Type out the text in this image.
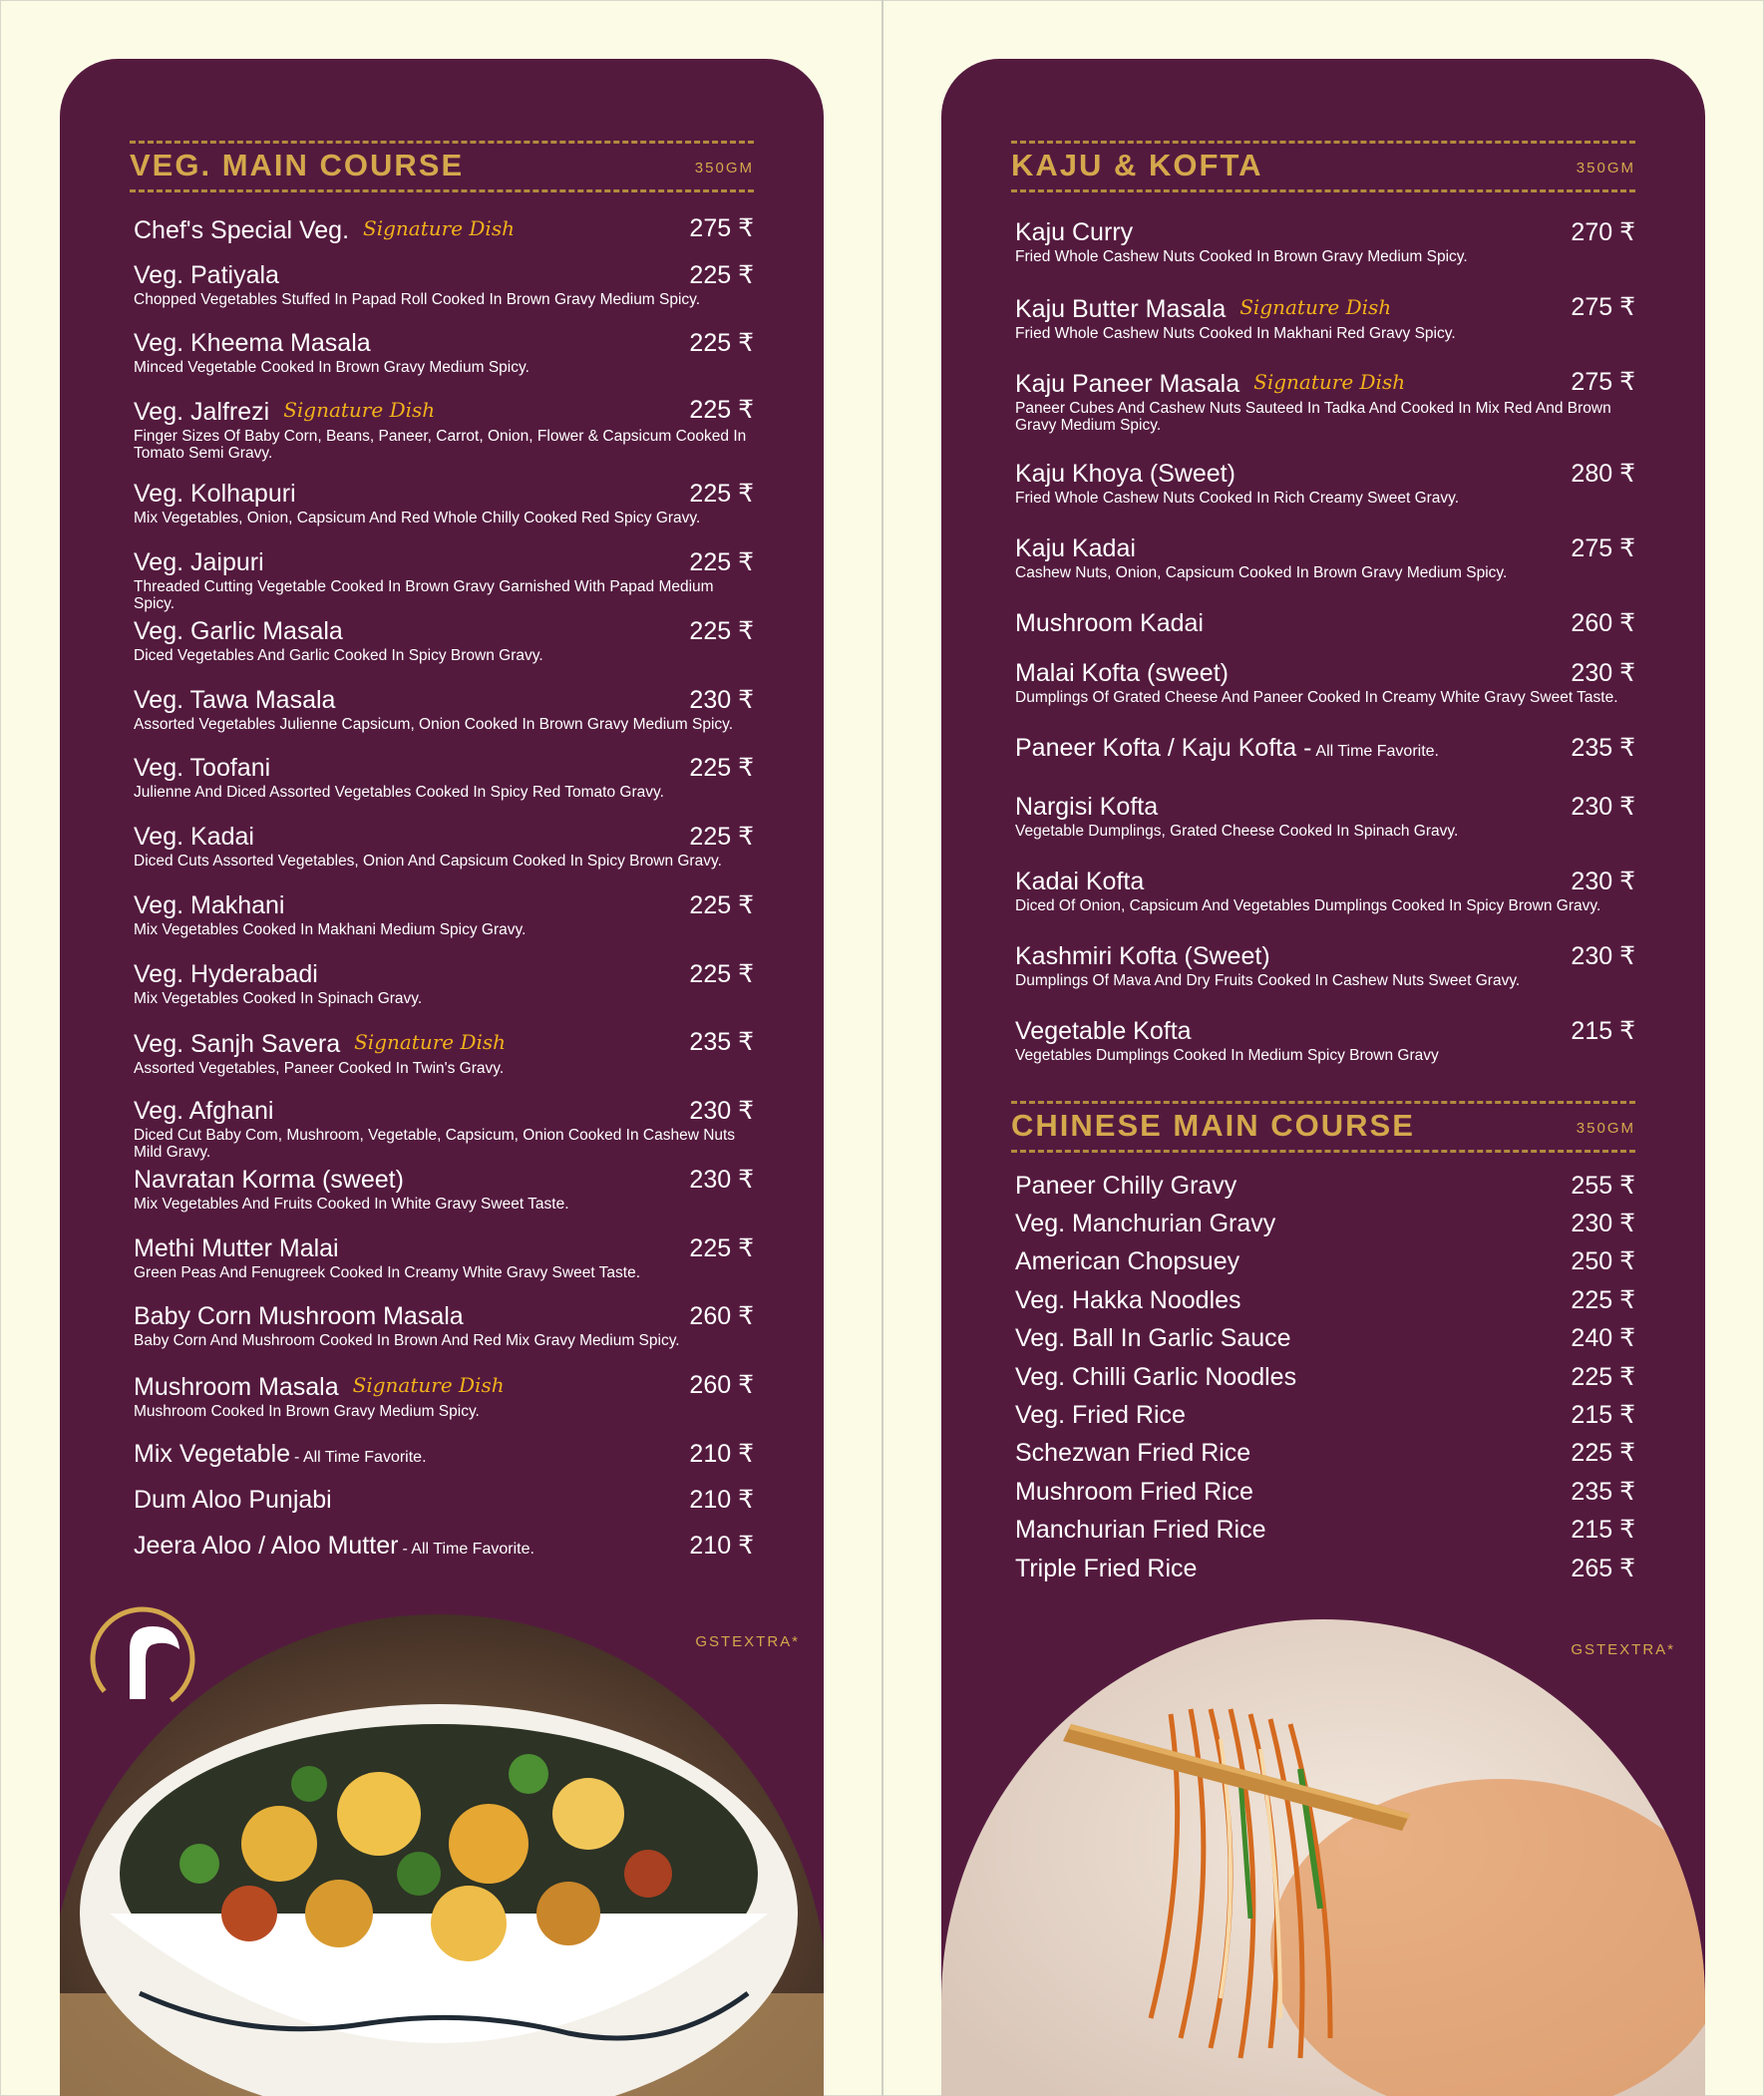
VEG. MAIN COURSE	350GM
Chef's Special Veg. Signature Dish	275 ₹
Veg. Patiyala	225 ₹
Chopped Vegetables Stuffed In Papad Roll Cooked In Brown Gravy Medium Spicy.
Veg. Kheema Masala	225 ₹
Minced Vegetable Cooked In Brown Gravy Medium Spicy.
Veg. Jalfrezi Signature Dish	225 ₹
Finger Sizes Of Baby Corn, Beans, Paneer, Carrot, Onion, Flower & Capsicum Cooked In Tomato Semi Gravy.
Veg. Kolhapuri	225 ₹
Mix Vegetables, Onion, Capsicum And Red Whole Chilly Cooked Red Spicy Gravy.
Veg. Jaipuri	225 ₹
Threaded Cutting Vegetable Cooked In Brown Gravy Garnished With Papad Medium Spicy.
Veg. Garlic Masala	225 ₹
Diced Vegetables And Garlic Cooked In Spicy Brown Gravy.
Veg. Tawa Masala	230 ₹
Assorted Vegetables Julienne Capsicum, Onion Cooked In Brown Gravy Medium Spicy.
Veg. Toofani	225 ₹
Julienne And Diced Assorted Vegetables Cooked In Spicy Red Tomato Gravy.
Veg. Kadai	225 ₹
Diced Cuts Assorted Vegetables, Onion And Capsicum Cooked In Spicy Brown Gravy.
Veg. Makhani	225 ₹
Mix Vegetables Cooked In Makhani Medium Spicy Gravy.
Veg. Hyderabadi	225 ₹
Mix Vegetables Cooked In Spinach Gravy.
Veg. Sanjh Savera Signature Dish	235 ₹
Assorted Vegetables, Paneer Cooked In Twin's Gravy.
Veg. Afghani	230 ₹
Diced Cut Baby Com, Mushroom, Vegetable, Capsicum, Onion Cooked In Cashew Nuts Mild Gravy.
Navratan Korma (sweet)	230 ₹
Mix Vegetables And Fruits Cooked In White Gravy Sweet Taste.
Methi Mutter Malai	225 ₹
Green Peas And Fenugreek Cooked In Creamy White Gravy Sweet Taste.
Baby Corn Mushroom Masala	260 ₹
Baby Corn And Mushroom Cooked In Brown And Red Mix Gravy Medium Spicy.
Mushroom Masala Signature Dish	260 ₹
Mushroom Cooked In Brown Gravy Medium Spicy.
Mix Vegetable - All Time Favorite.	210 ₹
Dum Aloo Punjabi	210 ₹
Jeera Aloo / Aloo Mutter - All Time Favorite.	210 ₹
GSTEXTRA*
KAJU & KOFTA	350GM
Kaju Curry	270 ₹
Fried Whole Cashew Nuts Cooked In Brown Gravy Medium Spicy.
Kaju Butter Masala Signature Dish	275 ₹
Fried Whole Cashew Nuts Cooked In Makhani Red Gravy Spicy.
Kaju Paneer Masala Signature Dish	275 ₹
Paneer Cubes And Cashew Nuts Sauteed In Tadka And Cooked In Mix Red And Brown Gravy Medium Spicy.
Kaju Khoya (Sweet)	280 ₹
Fried Whole Cashew Nuts Cooked In Rich Creamy Sweet Gravy.
Kaju Kadai	275 ₹
Cashew Nuts, Onion, Capsicum Cooked In Brown Gravy Medium Spicy.
Mushroom Kadai	260 ₹
Malai Kofta (sweet)	230 ₹
Dumplings Of Grated Cheese And Paneer Cooked In Creamy White Gravy Sweet Taste.
Paneer Kofta / Kaju Kofta - All Time Favorite.	235 ₹
Nargisi Kofta	230 ₹
Vegetable Dumplings, Grated Cheese Cooked In Spinach Gravy.
Kadai Kofta	230 ₹
Diced Of Onion, Capsicum And Vegetables Dumplings Cooked In Spicy Brown Gravy.
Kashmiri Kofta (Sweet)	230 ₹
Dumplings Of Mava And Dry Fruits Cooked In Cashew Nuts Sweet Gravy.
Vegetable Kofta	215 ₹
Vegetables Dumplings Cooked In Medium Spicy Brown Gravy
CHINESE MAIN COURSE	350GM
Paneer Chilly Gravy	255 ₹
Veg. Manchurian Gravy	230 ₹
American Chopsuey	250 ₹
Veg. Hakka Noodles	225 ₹
Veg. Ball In Garlic Sauce	240 ₹
Veg. Chilli Garlic Noodles	225 ₹
Veg. Fried Rice	215 ₹
Schezwan Fried Rice	225 ₹
Mushroom Fried Rice	235 ₹
Manchurian Fried Rice	215 ₹
Triple Fried Rice	265 ₹
GSTEXTRA*
